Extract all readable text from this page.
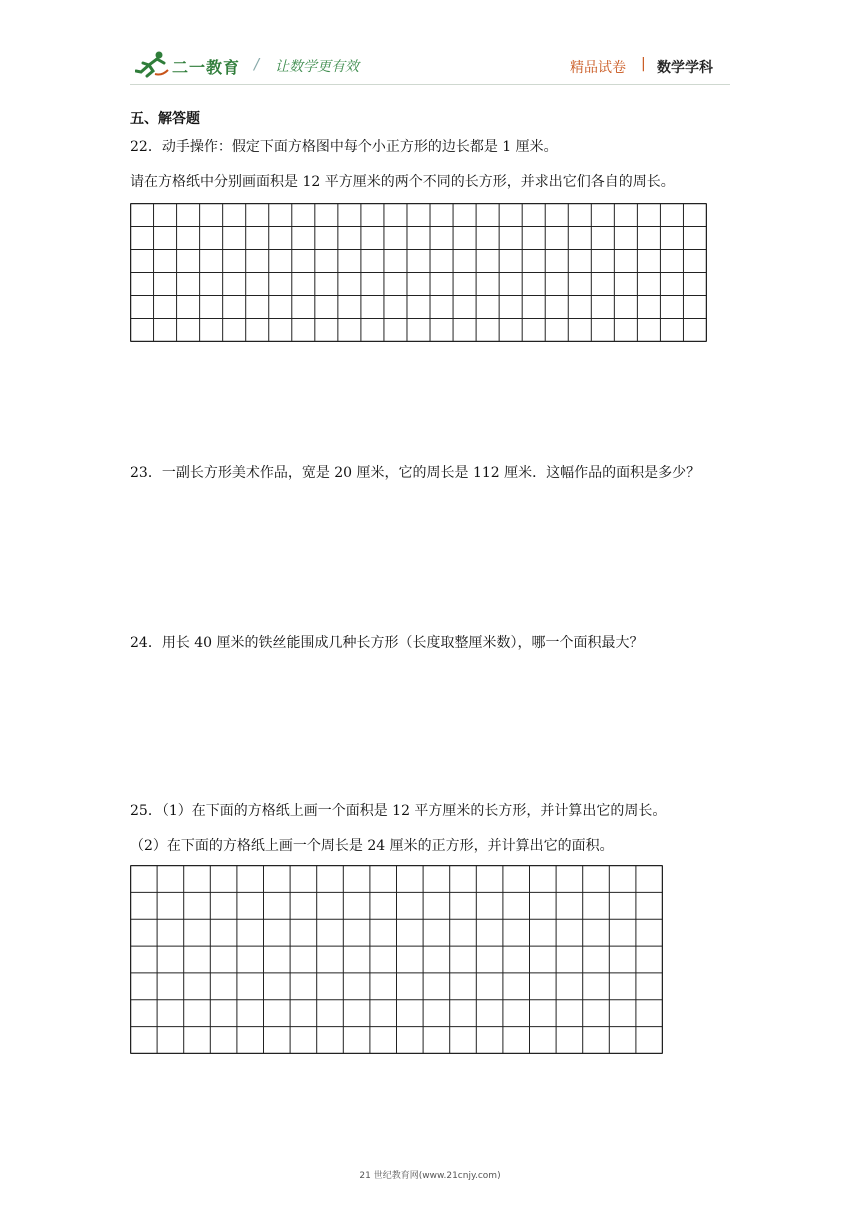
二一教育 / 让数学更有效	精品试卷 | 数学学科
五、解答题
22．动手操作：假定下面方格图中每个小正方形的边长都是 1 厘米。
请在方格纸中分别画面积是 12 平方厘米的两个不同的长方形，并求出它们各自的周长。
23．一副长方形美术作品，宽是 20 厘米，它的周长是 112 厘米．这幅作品的面积是多少？
24．用长 40 厘米的铁丝能围成几种长方形（长度取整厘米数），哪一个面积最大？
25．（1）在下面的方格纸上画一个面积是 12 平方厘米的长方形，并计算出它的周长。
（2）在下面的方格纸上画一个周长是 24 厘米的正方形，并计算出它的面积。
21 世纪教育网(www.21cnjy.com)
